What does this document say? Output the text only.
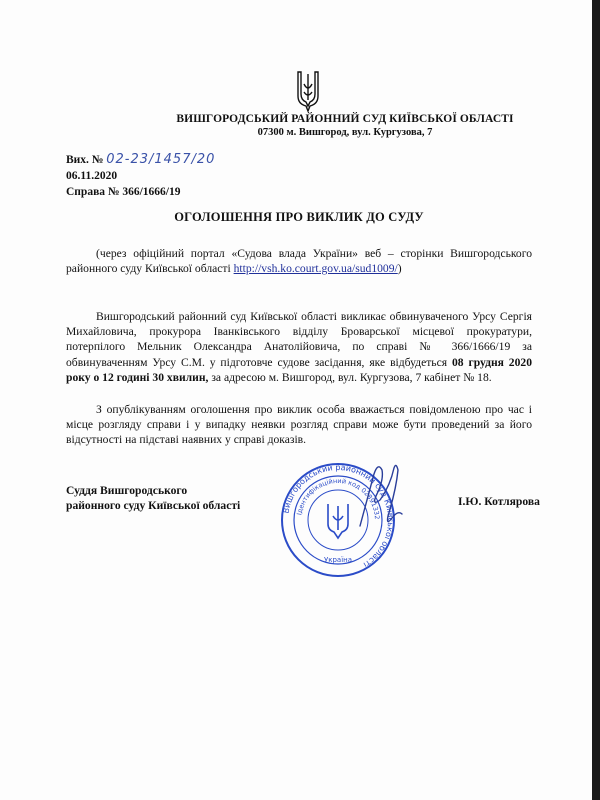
ВИШГОРОДСЬКИЙ РАЙОННИЙ СУД КИЇВСЬКОЇ ОБЛАСТІ
07300 м. Вишгород, вул. Кургузова, 7
Вих. № 02-23/1457/20
06.11.2020
Справа № 366/1666/19
ОГОЛОШЕННЯ ПРО ВИКЛИК ДО СУДУ
(через офіційний портал «Судова влада України» веб – сторінки Вишгородського районного суду Київської області http://vsh.ko.court.gov.ua/sud1009/)
Вишгородський районний суд Київської області викликає обвинуваченого Урсу Сергія Михайловича, прокурора Іванківського відділу Броварської місцевої прокуратури, потерпілого Мельник Олександра Анатолійовича, по справі № 366/1666/19 за обвинуваченням Урсу С.М. у підготовче судове засідання, яке відбудеться 08 грудня 2020 року о 12 годині 30 хвилин, за адресою м. Вишгород, вул. Кургузова, 7 кабінет № 18.
З опублікуванням оголошення про виклик особа вважається повідомленою про час і місце розгляду справи і у випадку неявки розгляд справи може бути проведений за його відсутності на підставі наявних у справі доказів.
Суддя Вишгородського
районного суду Київської області	Вишгородський районний суд Київської області
Ідентифікаційний код 02891332
Україна
І.Ю. Котлярова
